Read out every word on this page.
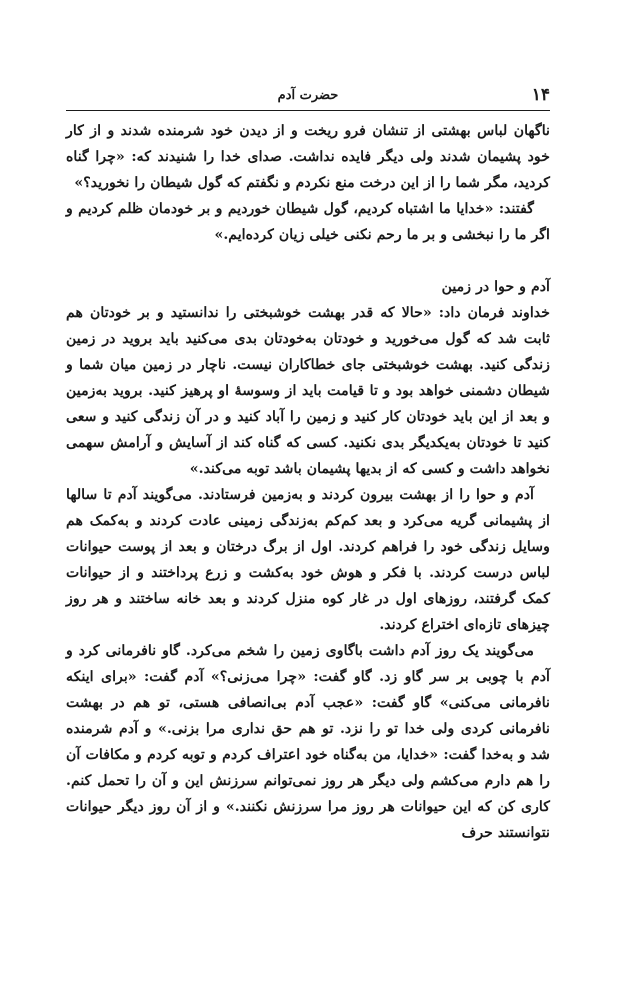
۱۴
حضرت آدم

ناگهان لباس بهشتی از تنشان فرو ریخت و از دیدن خود شرمنده شدند و از کار خود پشیمان شدند ولی دیگر فایده نداشت. صدای خدا را شنیدند که: «چرا گناه کردید، مگر شما را از این درخت منع نکردم و نگفتم که گول شیطان را نخورید؟»

گفتند: «خدایا ما اشتباه کردیم، گول شیطان خوردیم و بر خودمان ظلم کردیم و اگر ما را نبخشی و بر ما رحم نکنی خیلی زیان کرده‌ایم.»

آدم و حوا در زمین

خداوند فرمان داد: «حالا که قدر بهشت خوشبختی را ندانستید و بر خودتان هم ثابت شد که گول می‌خورید و خودتان به‌خودتان بدی می‌کنید باید بروید در زمین زندگی کنید. بهشت خوشبختی جای خطاکاران نیست. ناچار در زمین میان شما و شیطان دشمنی خواهد بود و تا قیامت باید از وسوسهٔ او پرهیز کنید. بروید به‌زمین و بعد از این باید خودتان کار کنید و زمین را آباد کنید و در آن زندگی کنید و سعی کنید تا خودتان به‌یکدیگر بدی نکنید. کسی که گناه کند از آسایش و آرامش سهمی نخواهد داشت و کسی که از بدیها پشیمان باشد توبه می‌کند.»

آدم و حوا را از بهشت بیرون کردند و به‌زمین فرستادند. می‌گویند آدم تا سالها از پشیمانی گریه می‌کرد و بعد کم‌کم به‌زندگی زمینی عادت کردند و به‌کمک هم وسایل زندگی خود را فراهم کردند. اول از برگ درختان و بعد از پوست حیوانات لباس درست کردند. با فکر و هوش خود به‌کشت و زرع پرداختند و از حیوانات کمک گرفتند، روزهای اول در غار کوه منزل کردند و بعد خانه ساختند و هر روز چیزهای تازه‌ای اختراع کردند.

می‌گویند یک روز آدم داشت باگاوی زمین را شخم می‌کرد. گاو نافرمانی کرد و آدم با چوبی بر سر گاو زد. گاو گفت: «چرا می‌زنی؟» آدم گفت: «برای اینکه نافرمانی می‌کنی» گاو گفت: «عجب آدم بی‌انصافی هستی، تو هم در بهشت نافرمانی کردی ولی خدا تو را نزد. تو هم حق نداری مرا بزنی.» و آدم شرمنده شد و به‌خدا گفت: «خدایا، من به‌گناه خود اعتراف کردم و توبه کردم و مکافات آن را هم دارم می‌کشم ولی دیگر هر روز نمی‌توانم سرزنش این و آن را تحمل کنم. کاری کن که این حیوانات هر روز مرا سرزنش نکنند.» و از آن روز دیگر حیوانات نتوانستند حرف
